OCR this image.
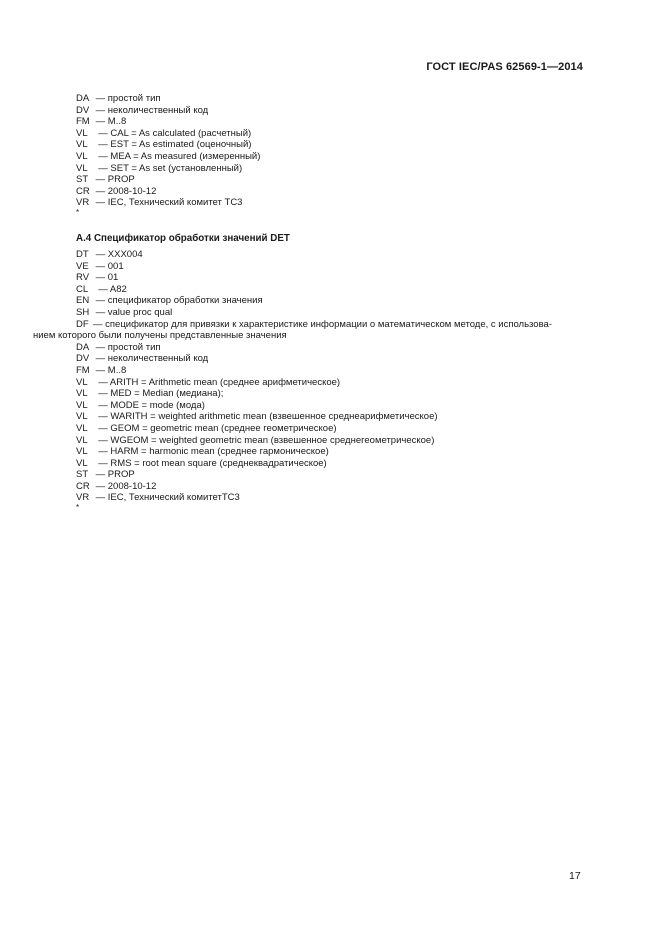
ГОСТ IEC/PAS 62569-1—2014
DA — простой тип
DV — неколичественный код
FM — M..8
VL — CAL = As calculated (расчетный)
VL — EST = As estimated (оценочный)
VL — MEA = As measured (измеренный)
VL — SET = As set (установленный)
ST — PROP
CR — 2008-10-12
VR — IEC, Технический комитет TC3
*
A.4 Спецификатор обработки значений DET
DT — XXX004
VE — 001
RV — 01
CL — A82
EN — спецификатор обработки значения
SH — value proc qual
DF — спецификатор для привязки к характеристике информации о математическом методе, с использова-
нием которого были получены представленные значения
DA — простой тип
DV — неколичественный код
FM — M..8
VL — ARITH = Arithmetic mean (среднее арифметическое)
VL — MED = Median (медиана);
VL — MODE = mode (мода)
VL — WARITH = weighted arithmetic mean (взвешенное среднеарифметическое)
VL — GEOM = geometric mean (среднее геометрическое)
VL — WGEOM = weighted geometric mean (взвешенное среднегеометрическое)
VL — HARM = harmonic mean (среднее гармоническое)
VL — RMS = root mean square (среднеквадратическое)
ST — PROP
CR — 2008-10-12
VR — IEC, Технический комитетTC3
*
17
